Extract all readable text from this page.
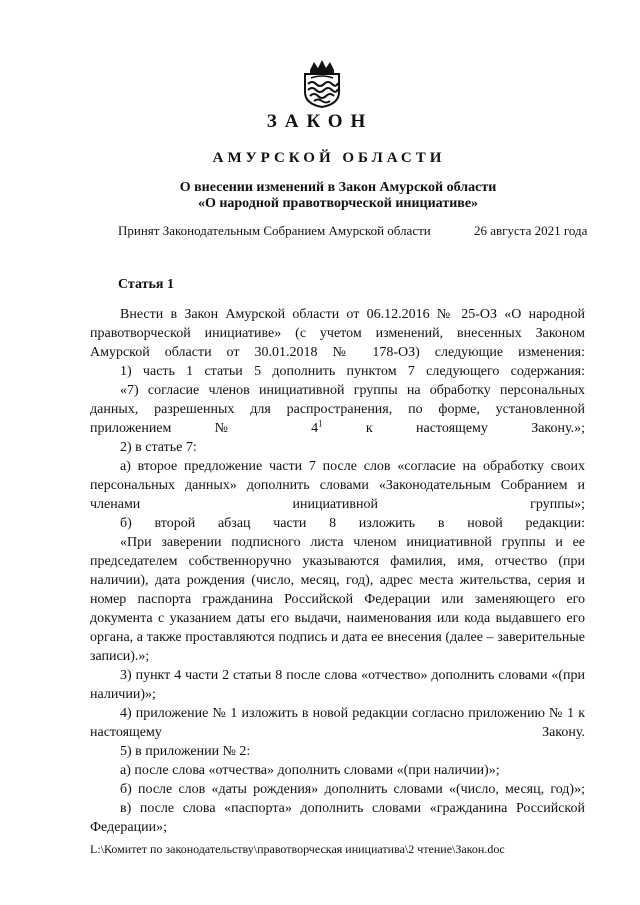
ЗАКОН
АМУРСКОЙ ОБЛАСТИ
О внесении изменений в Закон Амурской области
«О народной правотворческой инициативе»
Принят Законодательным Собранием Амурской области	26 августа 2021 года
Статья 1

Внести в Закон Амурской области от 06.12.2016 № 25-ОЗ «О народной правотворческой инициативе» (с учетом изменений, внесенных Законом Амурской области от 30.01.2018 № 178-ОЗ) следующие изменения:

1) часть 1 статьи 5 дополнить пунктом 7 следующего содержания:

«7) согласие членов инициативной группы на обработку персональных данных, разрешенных для распространения, по форме, установленной приложением № $4^1$ к настоящему Закону.»;

2) в статье 7:

а) второе предложение части 7 после слов «согласие на обработку своих персональных данных» дополнить словами «Законодательным Собранием и членами инициативной группы»;

б) второй абзац части 8 изложить в новой редакции:

«При заверении подписного листа членом инициативной группы и ее председателем собственноручно указываются фамилия, имя, отчество (при наличии), дата рождения (число, месяц, год), адрес места жительства, серия и номер паспорта гражданина Российской Федерации или заменяющего его документа с указанием даты его выдачи, наименования или кода выдавшего его органа, а также проставляются подпись и дата ее внесения (далее – заверительные записи).»;

3) пункт 4 части 2 статьи 8 после слова «отчество» дополнить словами «(при наличии)»;

4) приложение № 1 изложить в новой редакции согласно приложению № 1 к настоящему Закону.

5) в приложении № 2:

а) после слова «отчества» дополнить словами «(при наличии)»;

б) после слов «даты рождения» дополнить словами «(число, месяц, год)»;

в) после слова «паспорта» дополнить словами «гражданина Российской Федерации»;

L:\Комитет по законодательству\правотворческая инициатива\2 чтение\Закон.doc
